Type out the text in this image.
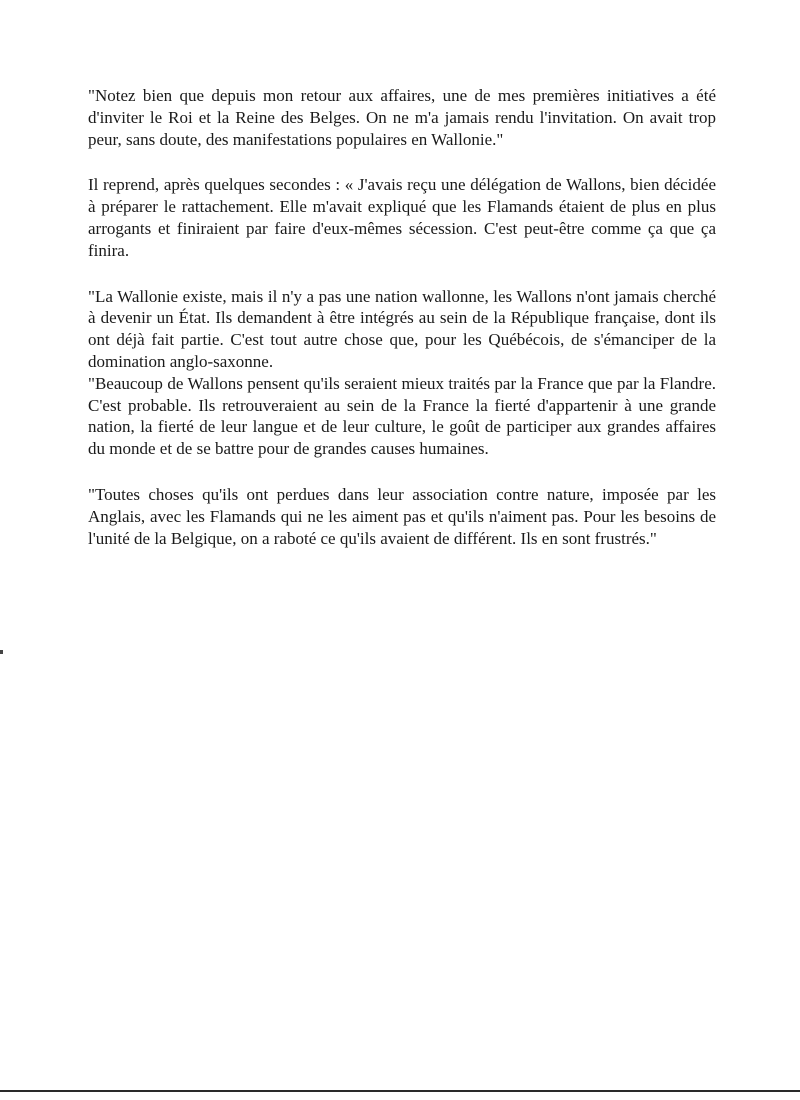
"Notez bien que depuis mon retour aux affaires, une de mes premières initiatives a été d'inviter le Roi et la Reine des Belges. On ne m'a jamais rendu l'invitation. On avait trop peur, sans doute, des manifestations populaires en Wallonie."

Il reprend, après quelques secondes : « J'avais reçu une délégation de Wallons, bien décidée à préparer le rattachement. Elle m'avait expliqué que les Flamands étaient de plus en plus arrogants et finiraient par faire d'eux-mêmes sécession. C'est peut-être comme ça que ça finira.

"La Wallonie existe, mais il n'y a pas une nation wallonne, les Wallons n'ont jamais cherché à devenir un État. Ils demandent à être intégrés au sein de la République française, dont ils ont déjà fait partie. C'est tout autre chose que, pour les Québécois, de s'émanciper de la domination anglo-saxonne.

"Beaucoup de Wallons pensent qu'ils seraient mieux traités par la France que par la Flandre. C'est probable. Ils retrouveraient au sein de la France la fierté d'appartenir à une grande nation, la fierté de leur langue et de leur culture, le goût de participer aux grandes affaires du monde et de se battre pour de grandes causes humaines.

"Toutes choses qu'ils ont perdues dans leur association contre nature, imposée par les Anglais, avec les Flamands qui ne les aiment pas et qu'ils n'aiment pas. Pour les besoins de l'unité de la Belgique, on a raboté ce qu'ils avaient de différent. Ils en sont frustrés."
